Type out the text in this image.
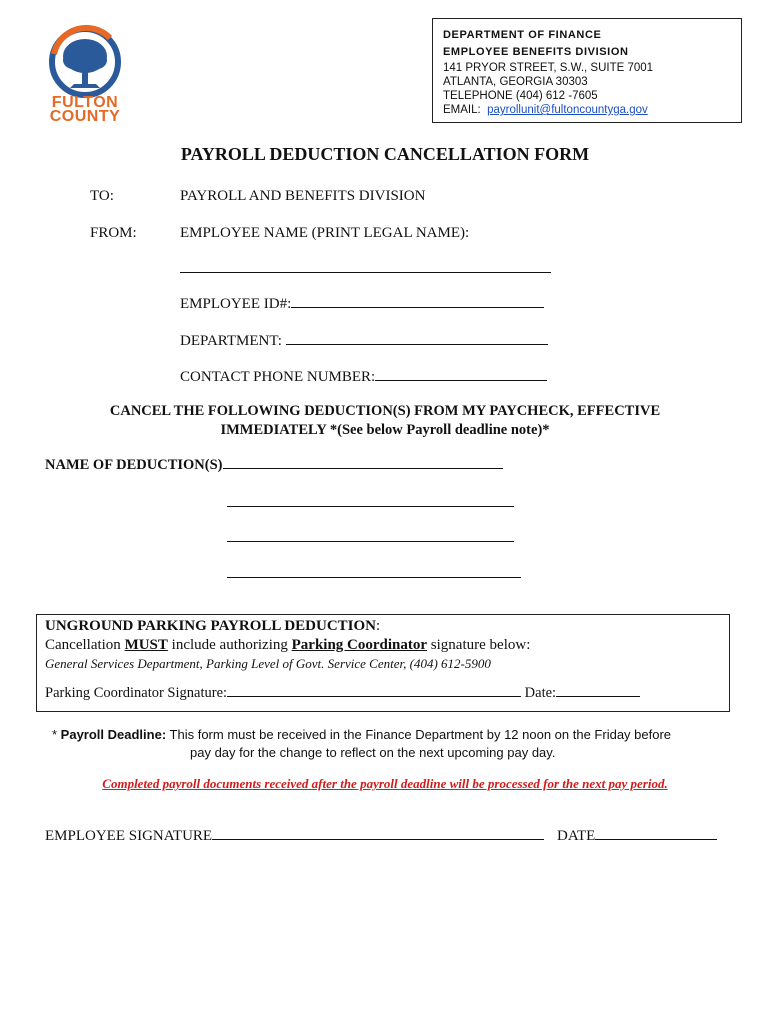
FULTON
COUNTY
DEPARTMENT OF FINANCE
EMPLOYEE BENEFITS DIVISION
141 PRYOR STREET, S.W., SUITE 7001
ATLANTA, GEORGIA 30303
TELEPHONE (404) 612 -7605
EMAIL: payrollunit@fultoncountyga.gov
PAYROLL DEDUCTION CANCELLATION FORM
TO:	PAYROLL AND BENEFITS DIVISION
FROM:	EMPLOYEE NAME (PRINT LEGAL NAME):
EMPLOYEE ID#:
DEPARTMENT:
CONTACT PHONE NUMBER:
CANCEL THE FOLLOWING DEDUCTION(S) FROM MY PAYCHECK, EFFECTIVE
IMMEDIATELY *(See below Payroll deadline note)*
NAME OF DEDUCTION(S)
UNGROUND PARKING PAYROLL DEDUCTION:
Cancellation MUST include authorizing Parking Coordinator signature below:
General Services Department, Parking Level of Govt. Service Center, (404) 612-5900
Parking Coordinator Signature:	Date:
* Payroll Deadline: This form must be received in the Finance Department by 12 noon on the Friday before
pay day for the change to reflect on the next upcoming pay day.
Completed payroll documents received after the payroll deadline will be processed for the next pay period.
EMPLOYEE SIGNATURE	DATE
